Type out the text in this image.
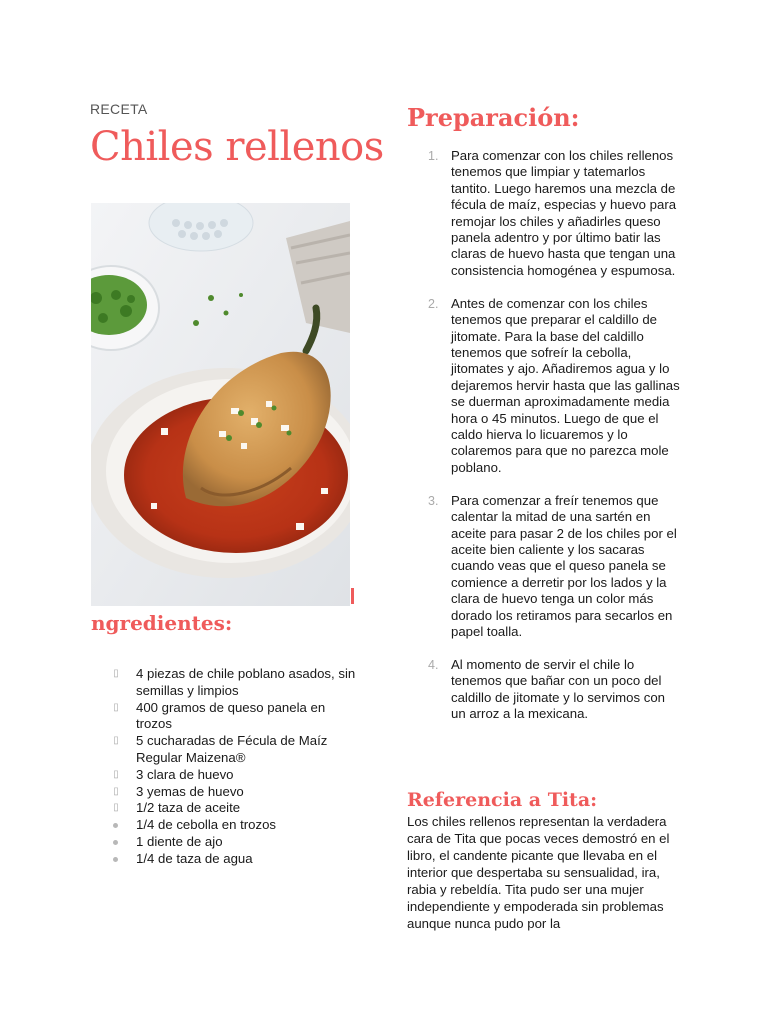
RECETA
Chiles rellenos
ngredientes:
▯ 4 piezas de chile poblano asados, sin semillas y limpios
▯ 400 gramos de queso panela en trozos
▯ 5 cucharadas de Fécula de Maíz Regular Maizena®
▯ 3 clara de huevo
▯ 3 yemas de huevo
▯ 1/2 taza de aceite
1/4 de cebolla en trozos
1 diente de ajo
1/4 de taza de agua
Preparación:
1. Para comenzar con los chiles rellenos tenemos que limpiar y tatemarlos tantito. Luego haremos una mezcla de fécula de maíz, especias y huevo para remojar los chiles y añadirles queso panela adentro y por último batir las claras de huevo hasta que tengan una consistencia homogénea y espumosa.
2. Antes de comenzar con los chiles tenemos que preparar el caldillo de jitomate. Para la base del caldillo tenemos que sofreír la cebolla, jitomates y ajo. Añadiremos agua y lo dejaremos hervir hasta que las gallinas se duerman aproximadamente media hora o 45 minutos. Luego de que el caldo hierva lo licuaremos y lo colaremos para que no parezca mole poblano.
3. Para comenzar a freír tenemos que calentar la mitad de una sartén en aceite para pasar 2 de los chiles por el aceite bien caliente y los sacaras cuando veas que el queso panela se comience a derretir por los lados y la clara de huevo tenga un color más dorado los retiramos para secarlos en papel toalla.
4. Al momento de servir el chile lo tenemos que bañar con un poco del caldillo de jitomate y lo servimos con un arroz a la mexicana.
Referencia a Tita:
Los chiles rellenos representan la verdadera cara de Tita que pocas veces demostró en el libro, el candente picante que llevaba en el interior que despertaba su sensualidad, ira, rabia y rebeldía. Tita pudo ser una mujer independiente y empoderada sin problemas aunque nunca pudo por la
